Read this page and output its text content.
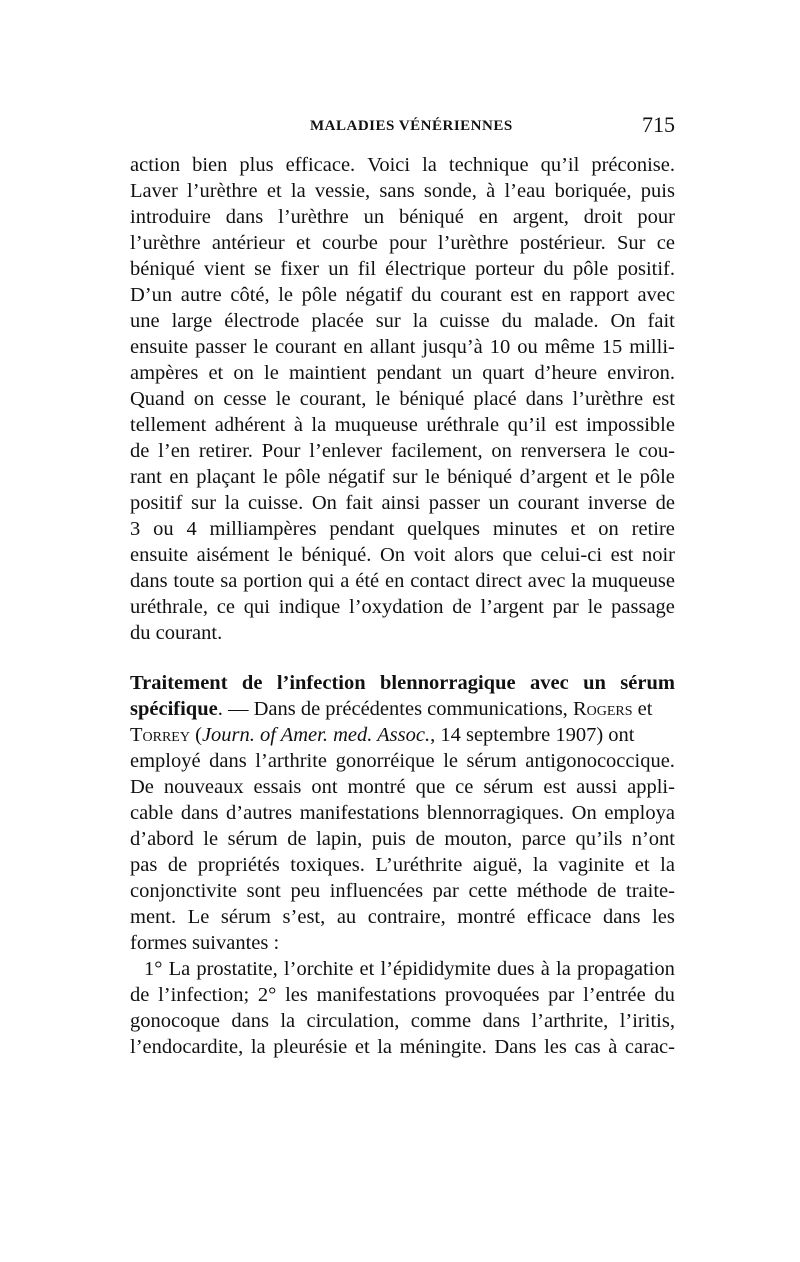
MALADIES VÉNÉRIENNES	715
action bien plus efficace. Voici la technique qu’il préconise.
Laver l’urèthre et la vessie, sans sonde, à l’eau boriquée, puis
introduire dans l’urèthre un béniqué en argent, droit pour
l’urèthre antérieur et courbe pour l’urèthre postérieur. Sur ce
béniqué vient se fixer un fil électrique porteur du pôle positif.
D’un autre côté, le pôle négatif du courant est en rapport avec
une large électrode placée sur la cuisse du malade. On fait
ensuite passer le courant en allant jusqu’à 10 ou même 15 milli-
ampères et on le maintient pendant un quart d’heure environ.
Quand on cesse le courant, le béniqué placé dans l’urèthre est
tellement adhérent à la muqueuse uréthrale qu’il est impossible
de l’en retirer. Pour l’enlever facilement, on renversera le cou-
rant en plaçant le pôle négatif sur le béniqué d’argent et le pôle
positif sur la cuisse. On fait ainsi passer un courant inverse de
3 ou 4 milliampères pendant quelques minutes et on retire
ensuite aisément le béniqué. On voit alors que celui-ci est noir
dans toute sa portion qui a été en contact direct avec la muqueuse
uréthrale, ce qui indique l’oxydation de l’argent par le passage
du courant.
Traitement de l’infection blennorragique avec un sérum
spécifique. — Dans de précédentes communications, Rogers et
Torrey (Journ. of Amer. med. Assoc., 14 septembre 1907) ont
employé dans l’arthrite gonorréique le sérum antigonococcique.
De nouveaux essais ont montré que ce sérum est aussi appli-
cable dans d’autres manifestations blennorragiques. On employa
d’abord le sérum de lapin, puis de mouton, parce qu’ils n’ont
pas de propriétés toxiques. L’uréthrite aiguë, la vaginite et la
conjonctivite sont peu influencées par cette méthode de traite-
ment. Le sérum s’est, au contraire, montré efficace dans les
formes suivantes :
1° La prostatite, l’orchite et l’épididymite dues à la propagation
de l’infection; 2° les manifestations provoquées par l’entrée du
gonocoque dans la circulation, comme dans l’arthrite, l’iritis,
l’endocardite, la pleurésie et la méningite. Dans les cas à carac-
